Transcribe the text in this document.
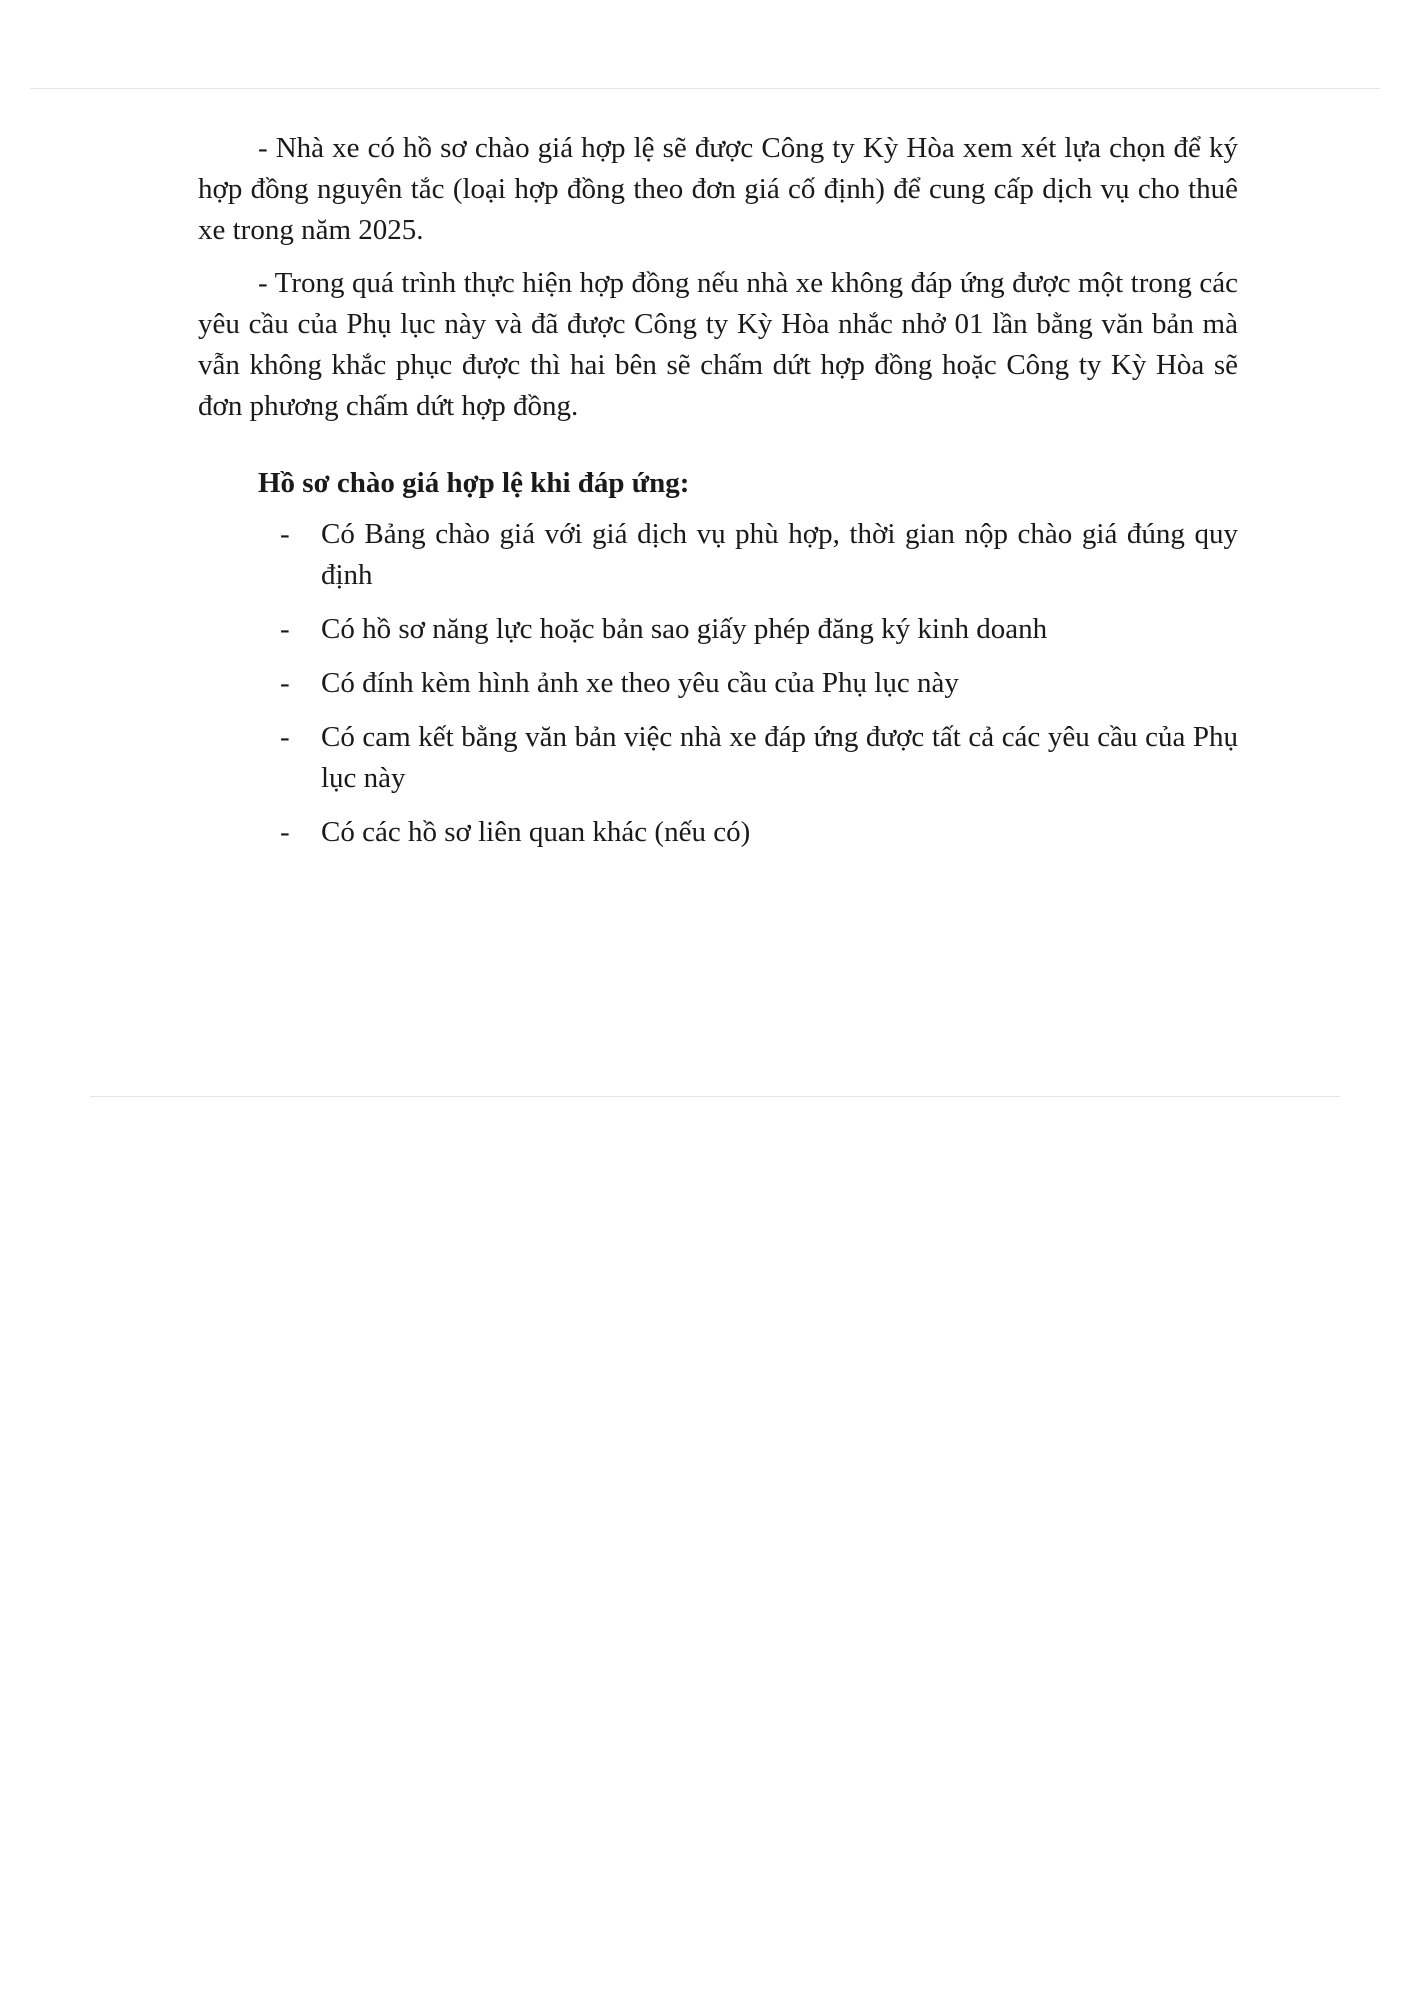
- Nhà xe có hồ sơ chào giá hợp lệ sẽ được Công ty Kỳ Hòa xem xét lựa chọn để ký hợp đồng nguyên tắc (loại hợp đồng theo đơn giá cố định) để cung cấp dịch vụ cho thuê xe trong năm 2025.

- Trong quá trình thực hiện hợp đồng nếu nhà xe không đáp ứng được một trong các yêu cầu của Phụ lục này và đã được Công ty Kỳ Hòa nhắc nhở 01 lần bằng văn bản mà vẫn không khắc phục được thì hai bên sẽ chấm dứt hợp đồng hoặc Công ty Kỳ Hòa sẽ đơn phương chấm dứt hợp đồng.

Hồ sơ chào giá hợp lệ khi đáp ứng:

- Có Bảng chào giá với giá dịch vụ phù hợp, thời gian nộp chào giá đúng quy định
- Có hồ sơ năng lực hoặc bản sao giấy phép đăng ký kinh doanh
- Có đính kèm hình ảnh xe theo yêu cầu của Phụ lục này
- Có cam kết bằng văn bản việc nhà xe đáp ứng được tất cả các yêu cầu của Phụ lục này
- Có các hồ sơ liên quan khác (nếu có)
